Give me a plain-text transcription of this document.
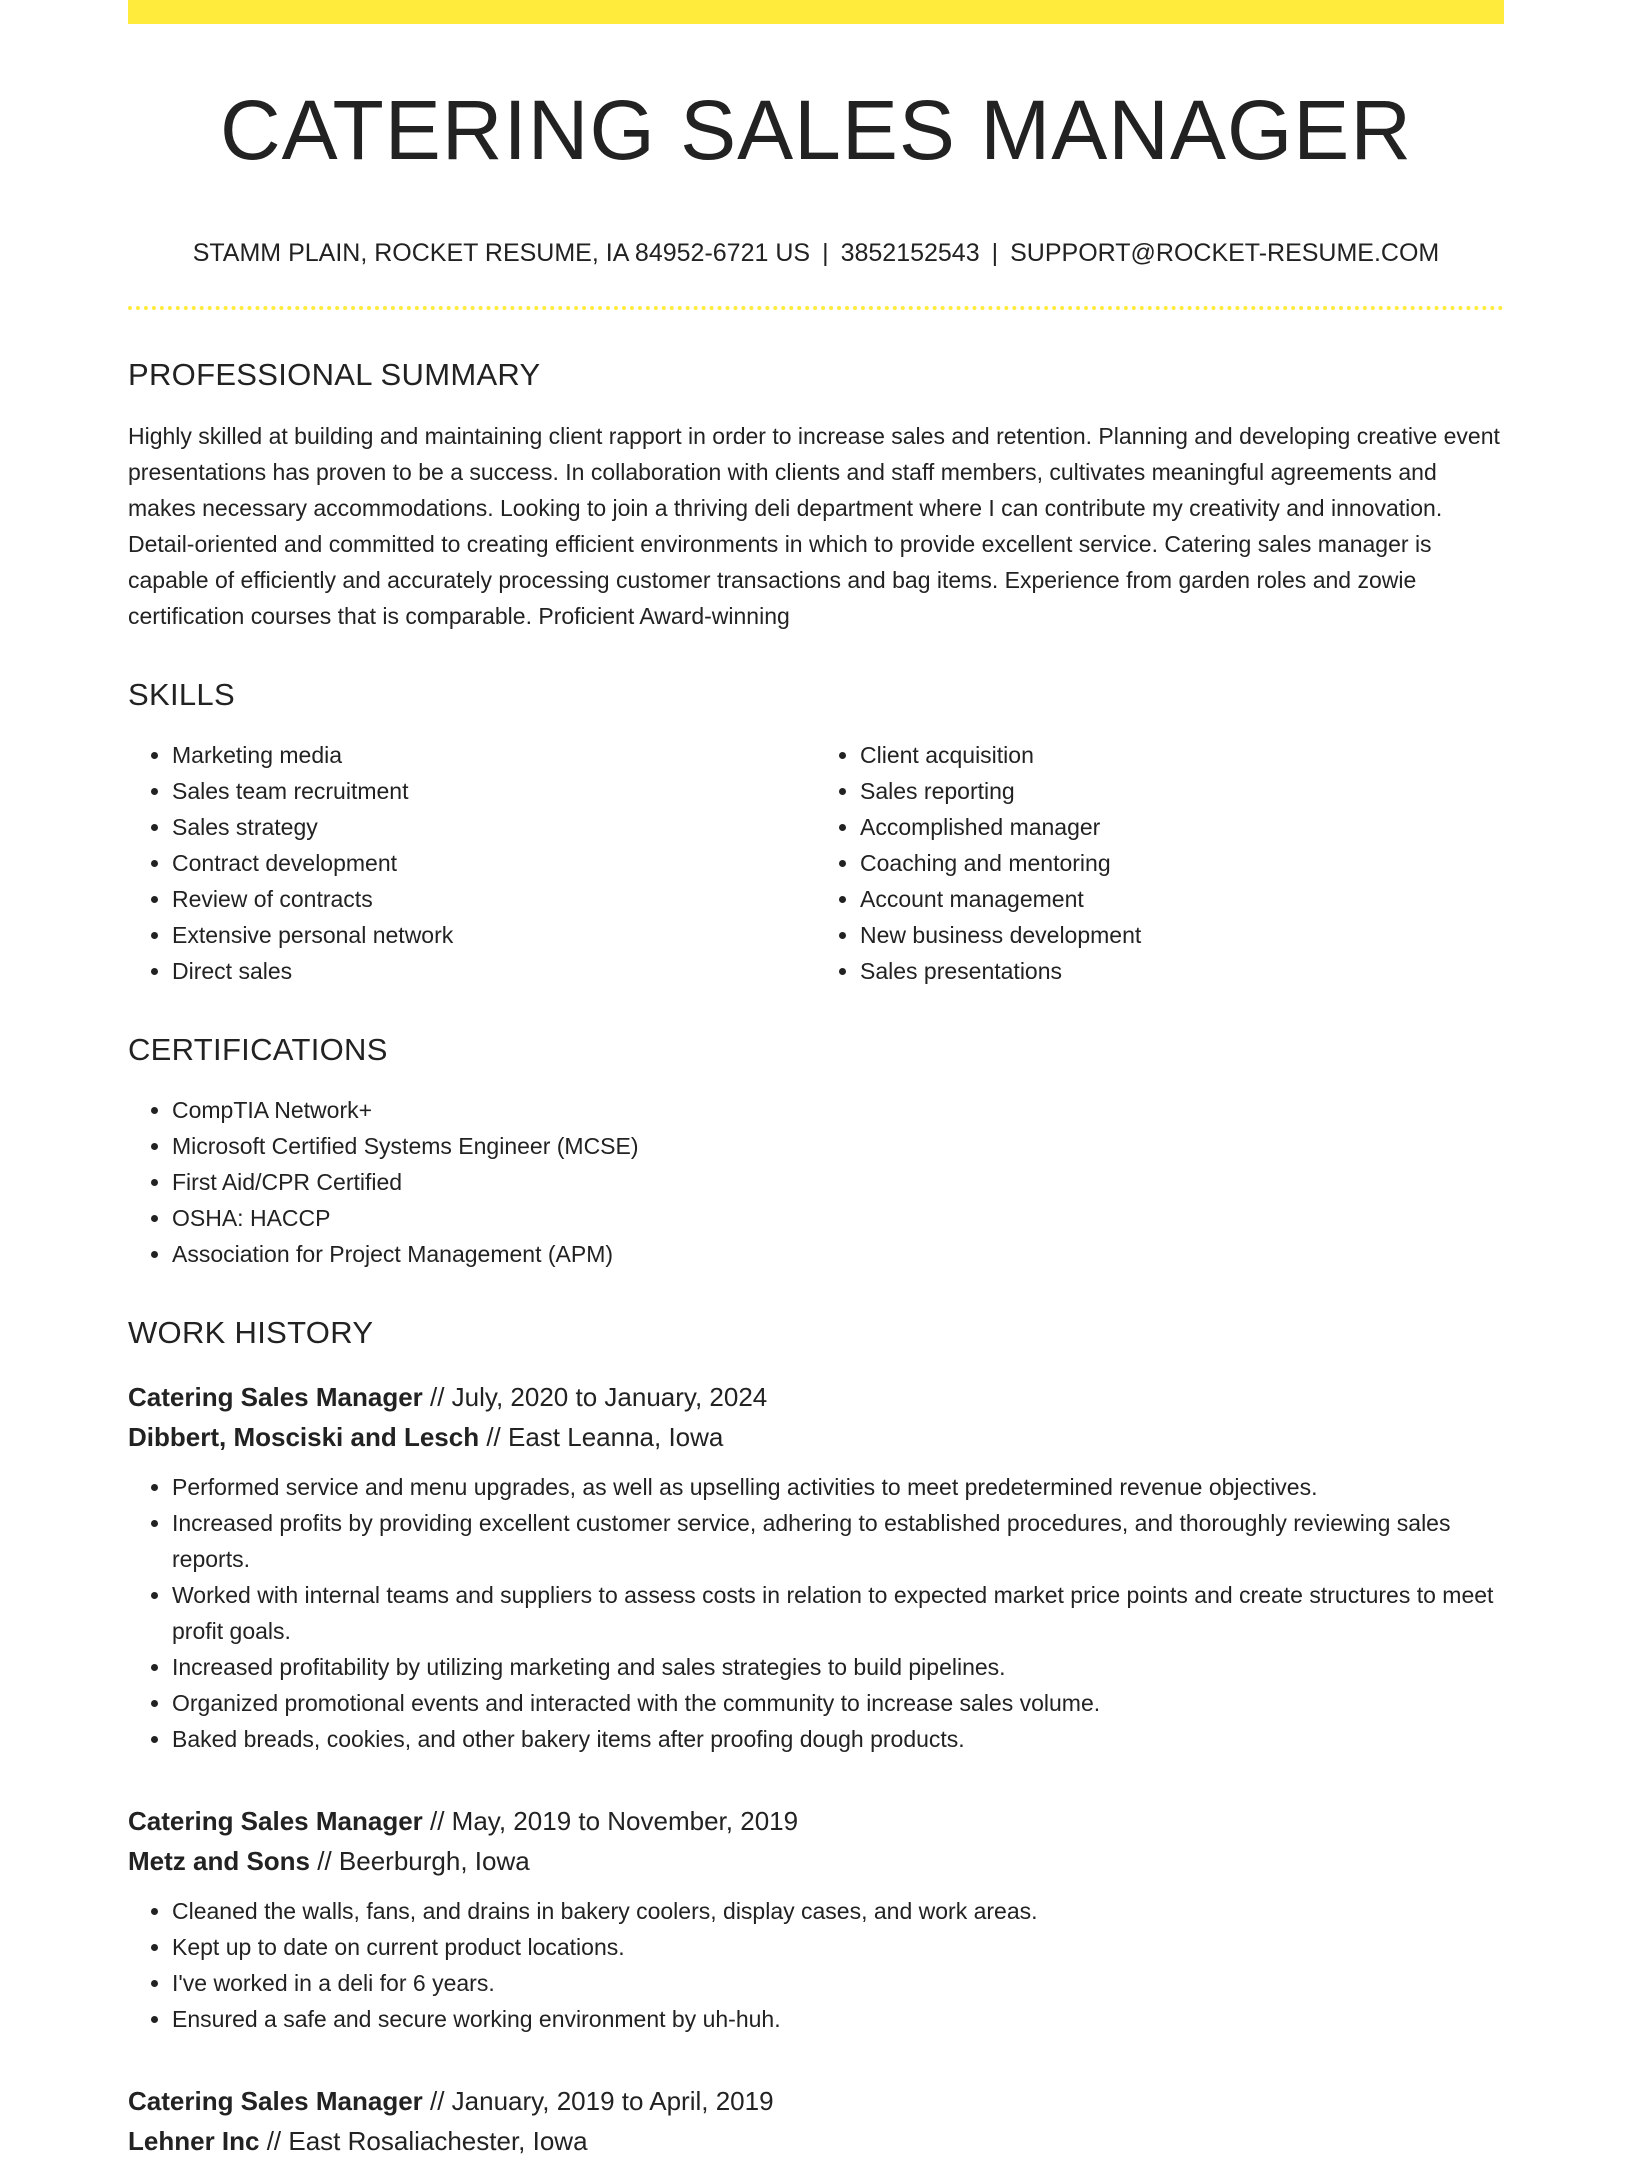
CATERING SALES MANAGER
STAMM PLAIN, ROCKET RESUME, IA 84952-6721 US | 3852152543 | SUPPORT@ROCKET-RESUME.COM
PROFESSIONAL SUMMARY
Highly skilled at building and maintaining client rapport in order to increase sales and retention. Planning and developing creative event presentations has proven to be a success. In collaboration with clients and staff members, cultivates meaningful agreements and makes necessary accommodations. Looking to join a thriving deli department where I can contribute my creativity and innovation. Detail-oriented and committed to creating efficient environments in which to provide excellent service. Catering sales manager is capable of efficiently and accurately processing customer transactions and bag items. Experience from garden roles and zowie certification courses that is comparable. Proficient Award-winning
SKILLS
• Marketing media
• Sales team recruitment
• Sales strategy
• Contract development
• Review of contracts
• Extensive personal network
• Direct sales
• Client acquisition
• Sales reporting
• Accomplished manager
• Coaching and mentoring
• Account management
• New business development
• Sales presentations
CERTIFICATIONS
• CompTIA Network+
• Microsoft Certified Systems Engineer (MCSE)
• First Aid/CPR Certified
• OSHA: HACCP
• Association for Project Management (APM)
WORK HISTORY
Catering Sales Manager // July, 2020 to January, 2024
Dibbert, Mosciski and Lesch // East Leanna, Iowa
• Performed service and menu upgrades, as well as upselling activities to meet predetermined revenue objectives.
• Increased profits by providing excellent customer service, adhering to established procedures, and thoroughly reviewing sales reports.
• Worked with internal teams and suppliers to assess costs in relation to expected market price points and create structures to meet profit goals.
• Increased profitability by utilizing marketing and sales strategies to build pipelines.
• Organized promotional events and interacted with the community to increase sales volume.
• Baked breads, cookies, and other bakery items after proofing dough products.
Catering Sales Manager // May, 2019 to November, 2019
Metz and Sons // Beerburgh, Iowa
• Cleaned the walls, fans, and drains in bakery coolers, display cases, and work areas.
• Kept up to date on current product locations.
• I've worked in a deli for 6 years.
• Ensured a safe and secure working environment by uh-huh.
Catering Sales Manager // January, 2019 to April, 2019
Lehner Inc // East Rosaliachester, Iowa
